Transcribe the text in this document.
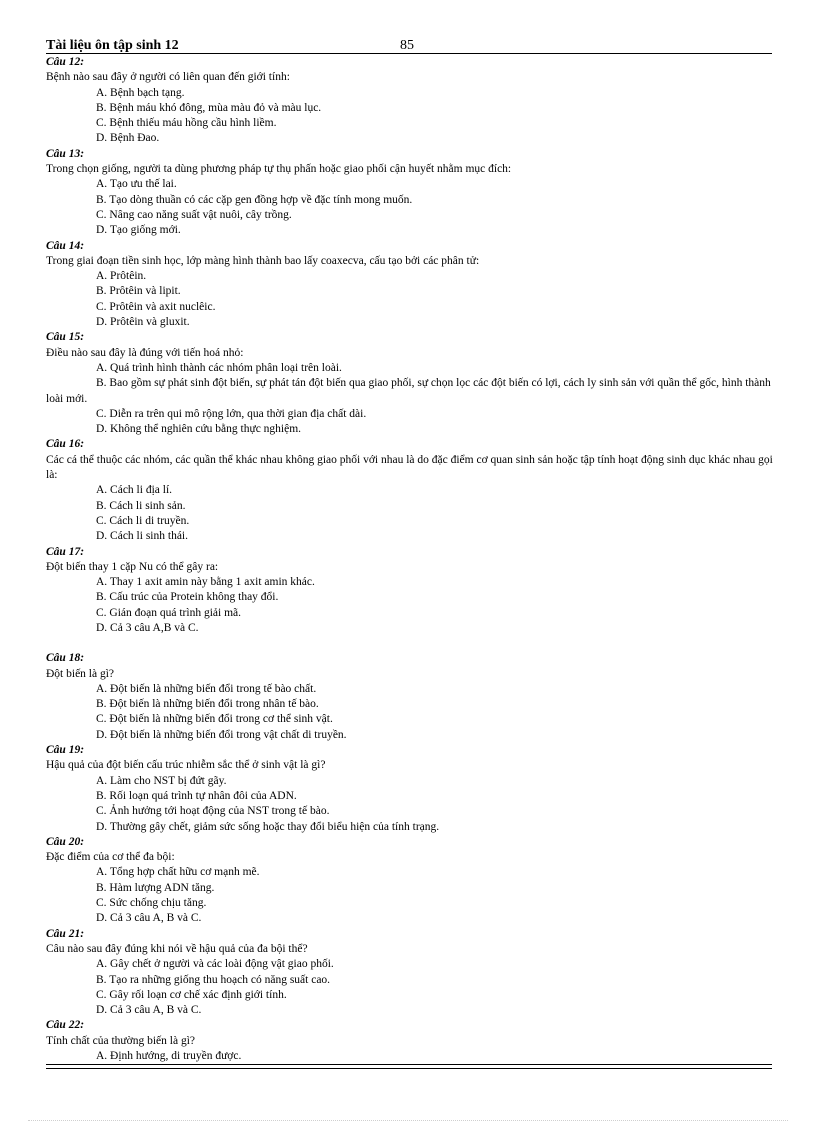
Tài liệu ôn tập sinh 12	85

Câu 12:

Bệnh nào sau đây ở người có liên quan đến giới tính:

A. Bệnh bạch tạng.

B. Bệnh máu khó đông, mùa màu đỏ và màu lục.

C. Bệnh thiếu máu hồng cầu hình liềm.

D. Bệnh Đao.

Câu 13:

Trong chọn giống, người ta dùng phương pháp tự thụ phấn hoặc giao phối cận huyết nhằm mục đích:

A. Tạo ưu thế lai.

B. Tạo dòng thuần có các cặp gen đồng hợp về đặc tính mong muốn.

C. Nâng cao năng suất vật nuôi, cây trồng.

D. Tạo giống mới.

Câu 14:

Trong giai đoạn tiền sinh học, lớp màng hình thành bao lấy coaxecva, cấu tạo bởi các phân tử:

A. Prôtêin.

B. Prôtêin và lipit.

C. Prôtêin và axit nuclêic.

D. Prôtêin và gluxit.

Câu 15:

Điều nào sau đây là đúng với tiến hoá nhỏ:

A. Quá trình hình thành các nhóm phân loại trên loài.

B. Bao gồm sự phát sinh đột biến, sự phát tán đột biến qua giao phối, sự chọn lọc các đột biến có lợi, cách ly sinh sản với quần thể gốc, hình thành loài mới.

C. Diễn ra trên qui mô rộng lớn, qua thời gian địa chất dài.

D. Không thể nghiên cứu bằng thực nghiệm.

Câu 16:

Các cá thể thuộc các nhóm, các quần thể khác nhau không giao phối với nhau là do đặc điểm cơ quan sinh sản hoặc tập tính hoạt động sinh dục khác nhau gọi là:

A. Cách li địa lí.

B. Cách li sinh sản.

C. Cách li di truyền.

D. Cách li sinh thái.

Câu 17:

Đột biến thay 1 cặp Nu có thể gây ra:

A. Thay 1 axit amin này bằng 1 axit amin khác.

B. Cấu trúc của Protein không thay đổi.

C. Gián đoạn quá trình giải mã.

D. Cả 3 câu A,B và C.

Câu 18:

Đột biến là gì?

A. Đột biến là những biến đổi trong tế bào chất.

B. Đột biến là những biến đổi trong nhân tế bào.

C. Đột biến là những biến đổi trong cơ thể sinh vật.

D. Đột biến là những biến đổi trong vật chất di truyền.

Câu 19:

Hậu quả của đột biến cấu trúc nhiễm sắc thể ở sinh vật là gì?

A. Làm cho NST bị đứt gãy.

B. Rối loạn quá trình tự nhân đôi của ADN.

C. Ảnh hưởng tới hoạt động của NST trong tế bào.

D. Thường gây chết, giảm sức sống hoặc thay đổi biểu hiện của tính trạng.

Câu 20:

Đặc điểm của cơ thể đa bội:

A. Tổng hợp chất hữu cơ mạnh mẽ.

B. Hàm lượng ADN tăng.

C. Sức chống chịu tăng.

D. Cả 3 câu A, B và C.

Câu 21:

Câu nào sau đây đúng khi nói về hậu quả của đa bội thể?

A. Gây chết ở người và các loài động vật giao phối.

B. Tạo ra những giống thu hoạch có năng suất cao.

C. Gây rối loạn cơ chế xác định giới tính.

D. Cả 3 câu A, B và C.

Câu 22:

Tính chất của thường biến là gì?

A. Định hướng, di truyền được.
